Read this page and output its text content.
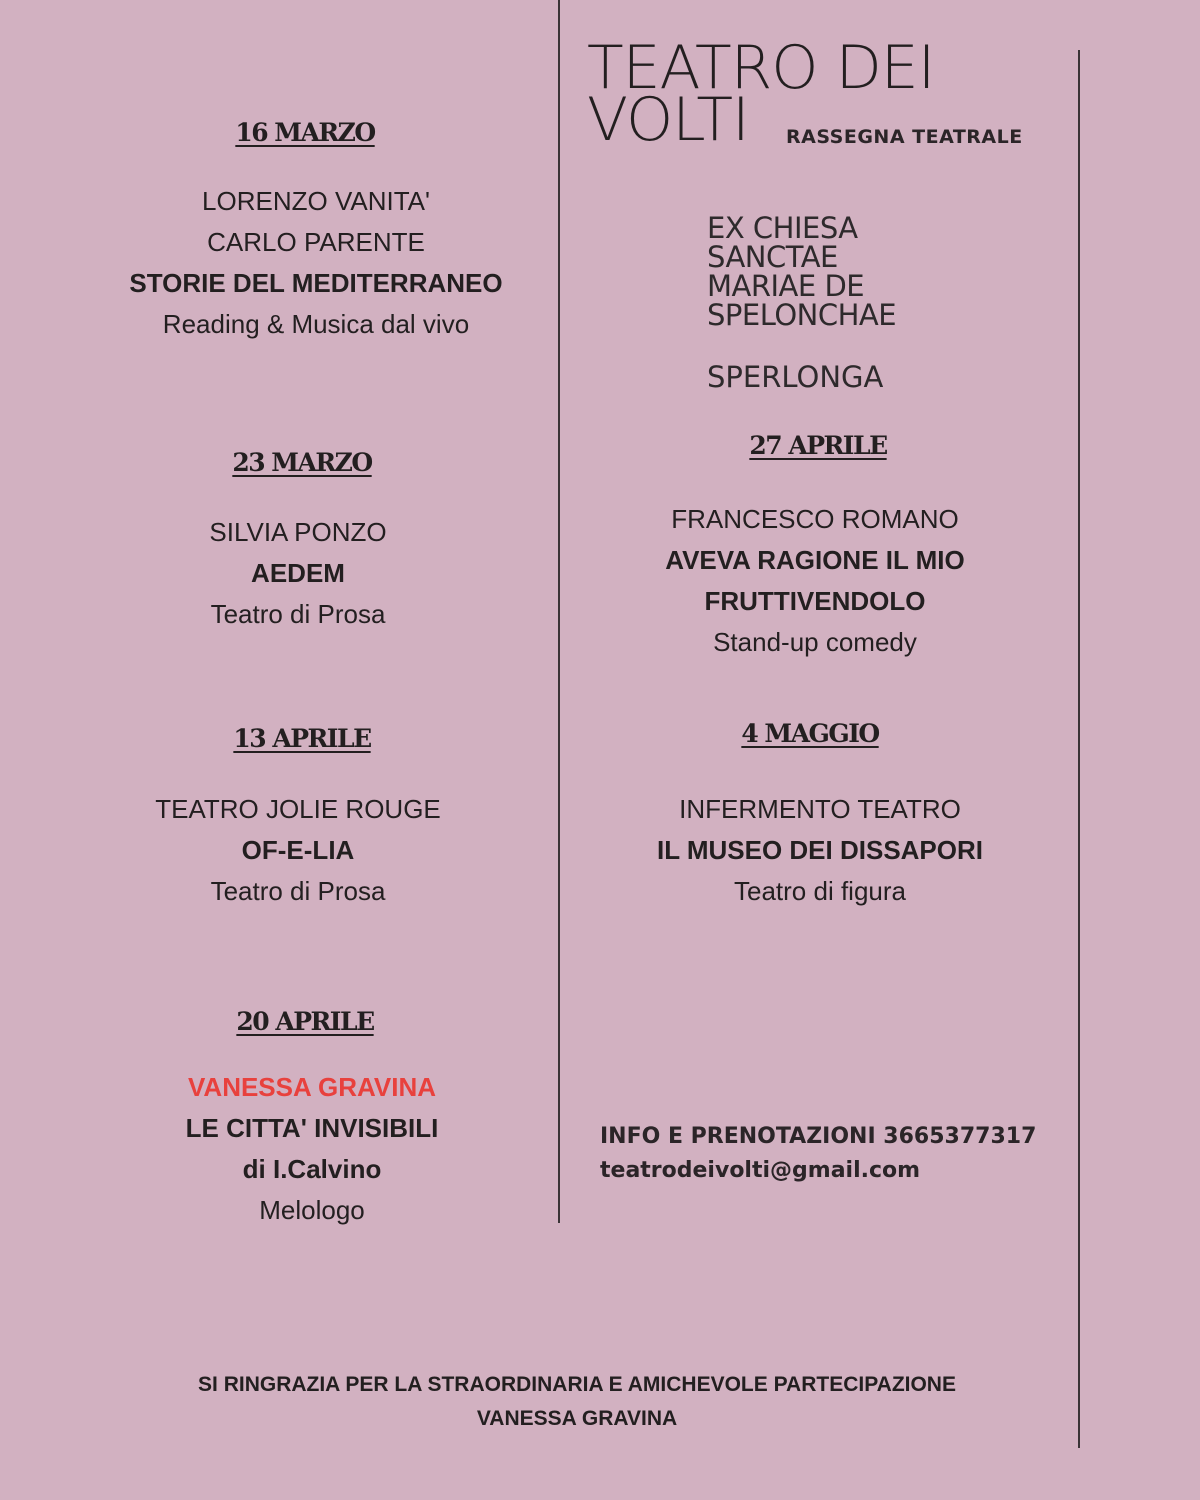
TEATRO DEI
VOLTI	RASSEGNA TEATRALE
EX CHIESA
SANCTAE
MARIAE DE
SPELONCHAE
SPERLONGA
16 MARZO
LORENZO VANITA'
CARLO PARENTE
STORIE DEL MEDITERRANEO
Reading & Musica dal vivo
23 MARZO
SILVIA PONZO
AEDEM
Teatro di Prosa
13 APRILE
TEATRO JOLIE ROUGE
OF-E-LIA
Teatro di Prosa
20 APRILE
VANESSA GRAVINA
LE CITTA' INVISIBILI
di I.Calvino
Melologo
27 APRILE
FRANCESCO ROMANO
AVEVA RAGIONE IL MIO
FRUTTIVENDOLO
Stand-up comedy
4 MAGGIO
INFERMENTO TEATRO
IL MUSEO DEI DISSAPORI
Teatro di figura
INFO E PRENOTAZIONI 3665377317
teatrodeivolti@gmail.com
SI RINGRAZIA PER LA STRAORDINARIA E AMICHEVOLE PARTECIPAZIONE
VANESSA GRAVINA
